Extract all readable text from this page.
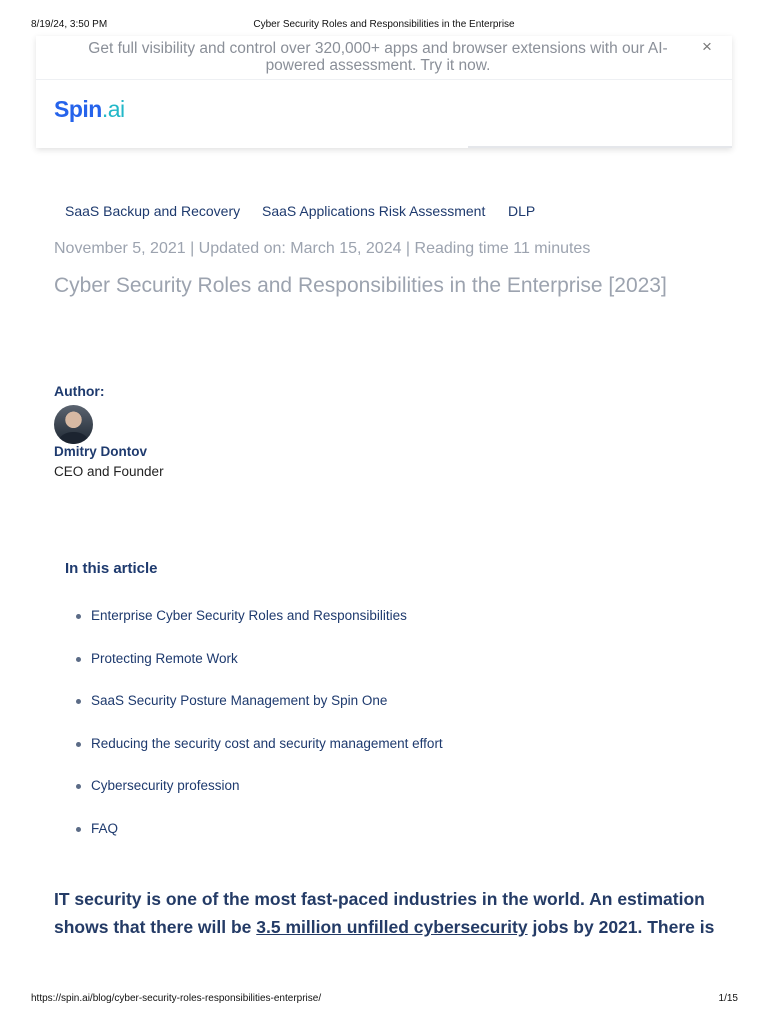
8/19/24, 3:50 PM	Cyber Security Roles and Responsibilities in the Enterprise
Get full visibility and control over 320,000+ apps and browser extensions with our AI-
powered assessment. Try it now.
×
Spin.ai
SaaS Backup and Recovery SaaS Applications Risk Assessment DLP
November 5, 2021 | Updated on: March 15, 2024 | Reading time 11 minutes
Cyber Security Roles and Responsibilities in the Enterprise [2023]
Author:
Dmitry Dontov
CEO and Founder
In this article
Enterprise Cyber Security Roles and Responsibilities
Protecting Remote Work
SaaS Security Posture Management by Spin One
Reducing the security cost and security management effort
Cybersecurity profession
FAQ

IT security is one of the most fast-paced industries in the world. An estimation shows that there will be 3.5 million unfilled cybersecurity jobs by 2021. There is

https://spin.ai/blog/cyber-security-roles-responsibilities-enterprise/	1/15
